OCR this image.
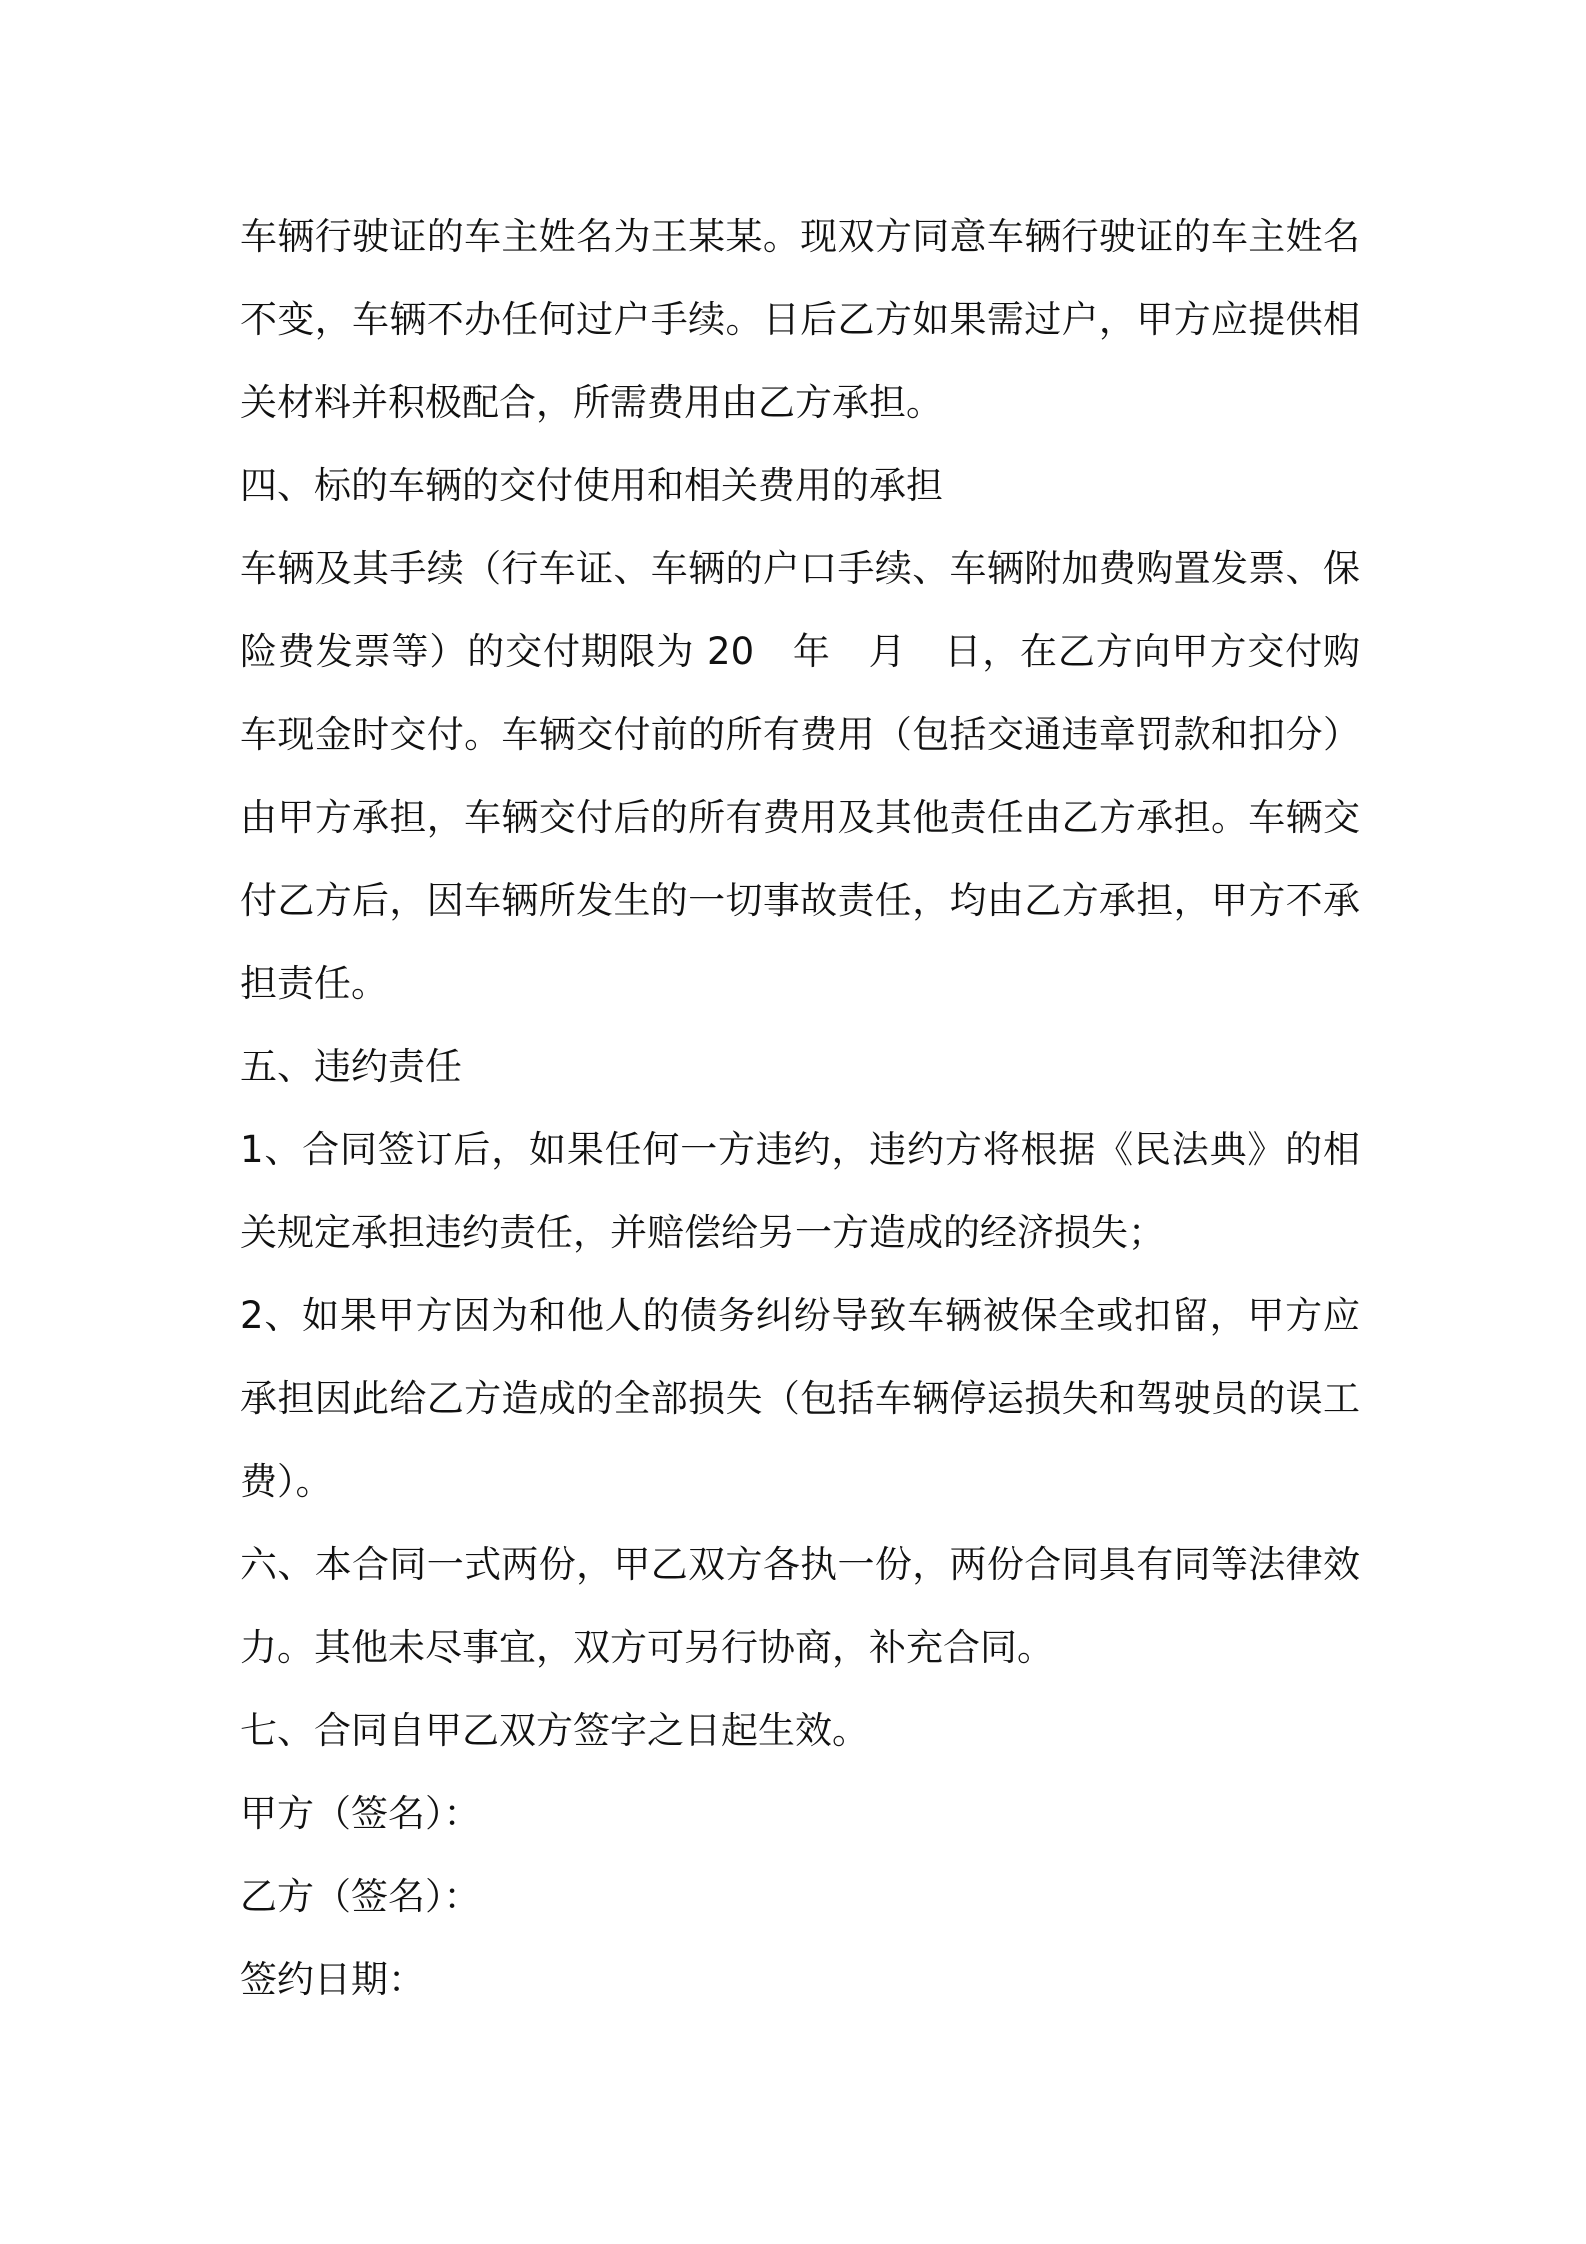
车辆行驶证的车主姓名为王某某。现双方同意车辆行驶证的车主姓名不变，车辆不办任何过户手续。日后乙方如果需过户，甲方应提供相关材料并积极配合，所需费用由乙方承担。

四、标的车辆的交付使用和相关费用的承担

车辆及其手续（行车证、车辆的户口手续、车辆附加费购置发票、保险费发票等）的交付期限为 20　年　月　日，在乙方向甲方交付购车现金时交付。车辆交付前的所有费用（包括交通违章罚款和扣分）由甲方承担，车辆交付后的所有费用及其他责任由乙方承担。车辆交付乙方后，因车辆所发生的一切事故责任，均由乙方承担，甲方不承担责任。

五、违约责任

1、合同签订后，如果任何一方违约，违约方将根据《民法典》的相关规定承担违约责任，并赔偿给另一方造成的经济损失；

2、如果甲方因为和他人的债务纠纷导致车辆被保全或扣留，甲方应承担因此给乙方造成的全部损失（包括车辆停运损失和驾驶员的误工费）。

六、本合同一式两份，甲乙双方各执一份，两份合同具有同等法律效力。其他未尽事宜，双方可另行协商，补充合同。

七、合同自甲乙双方签字之日起生效。

甲方（签名）：

乙方（签名）：

签约日期：
